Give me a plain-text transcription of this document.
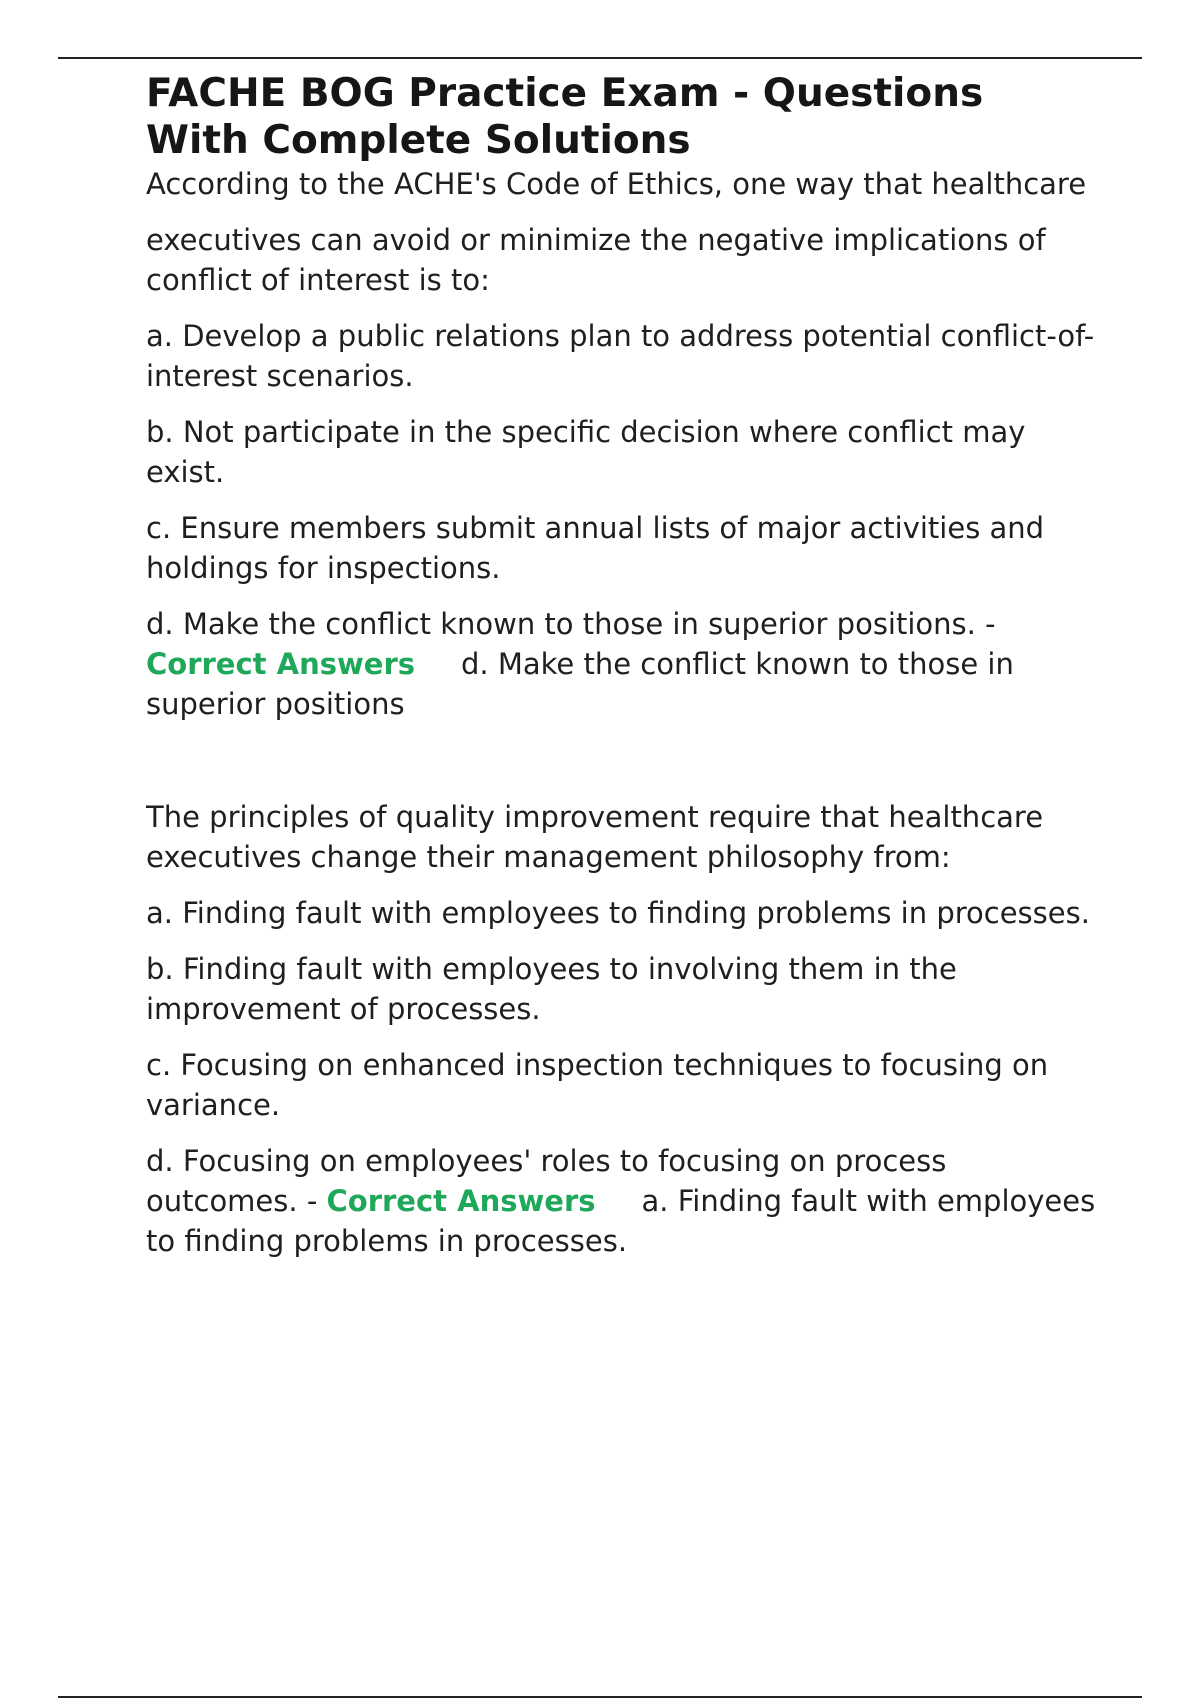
FACHE BOG Practice Exam - Questions With Complete Solutions

According to the ACHE's Code of Ethics, one way that healthcare

executives can avoid or minimize the negative implications of conflict of interest is to:

a. Develop a public relations plan to address potential conflict-of-interest scenarios.

b. Not participate in the specific decision where conflict may exist.

c. Ensure members submit annual lists of major activities and holdings for inspections.

d. Make the conflict known to those in superior positions. - Correct Answers d. Make the conflict known to those in superior positions

The principles of quality improvement require that healthcare executives change their management philosophy from:

a. Finding fault with employees to finding problems in processes.

b. Finding fault with employees to involving them in the improvement of processes.

c. Focusing on enhanced inspection techniques to focusing on variance.

d. Focusing on employees' roles to focusing on process outcomes. - Correct Answers a. Finding fault with employees to finding problems in processes.
